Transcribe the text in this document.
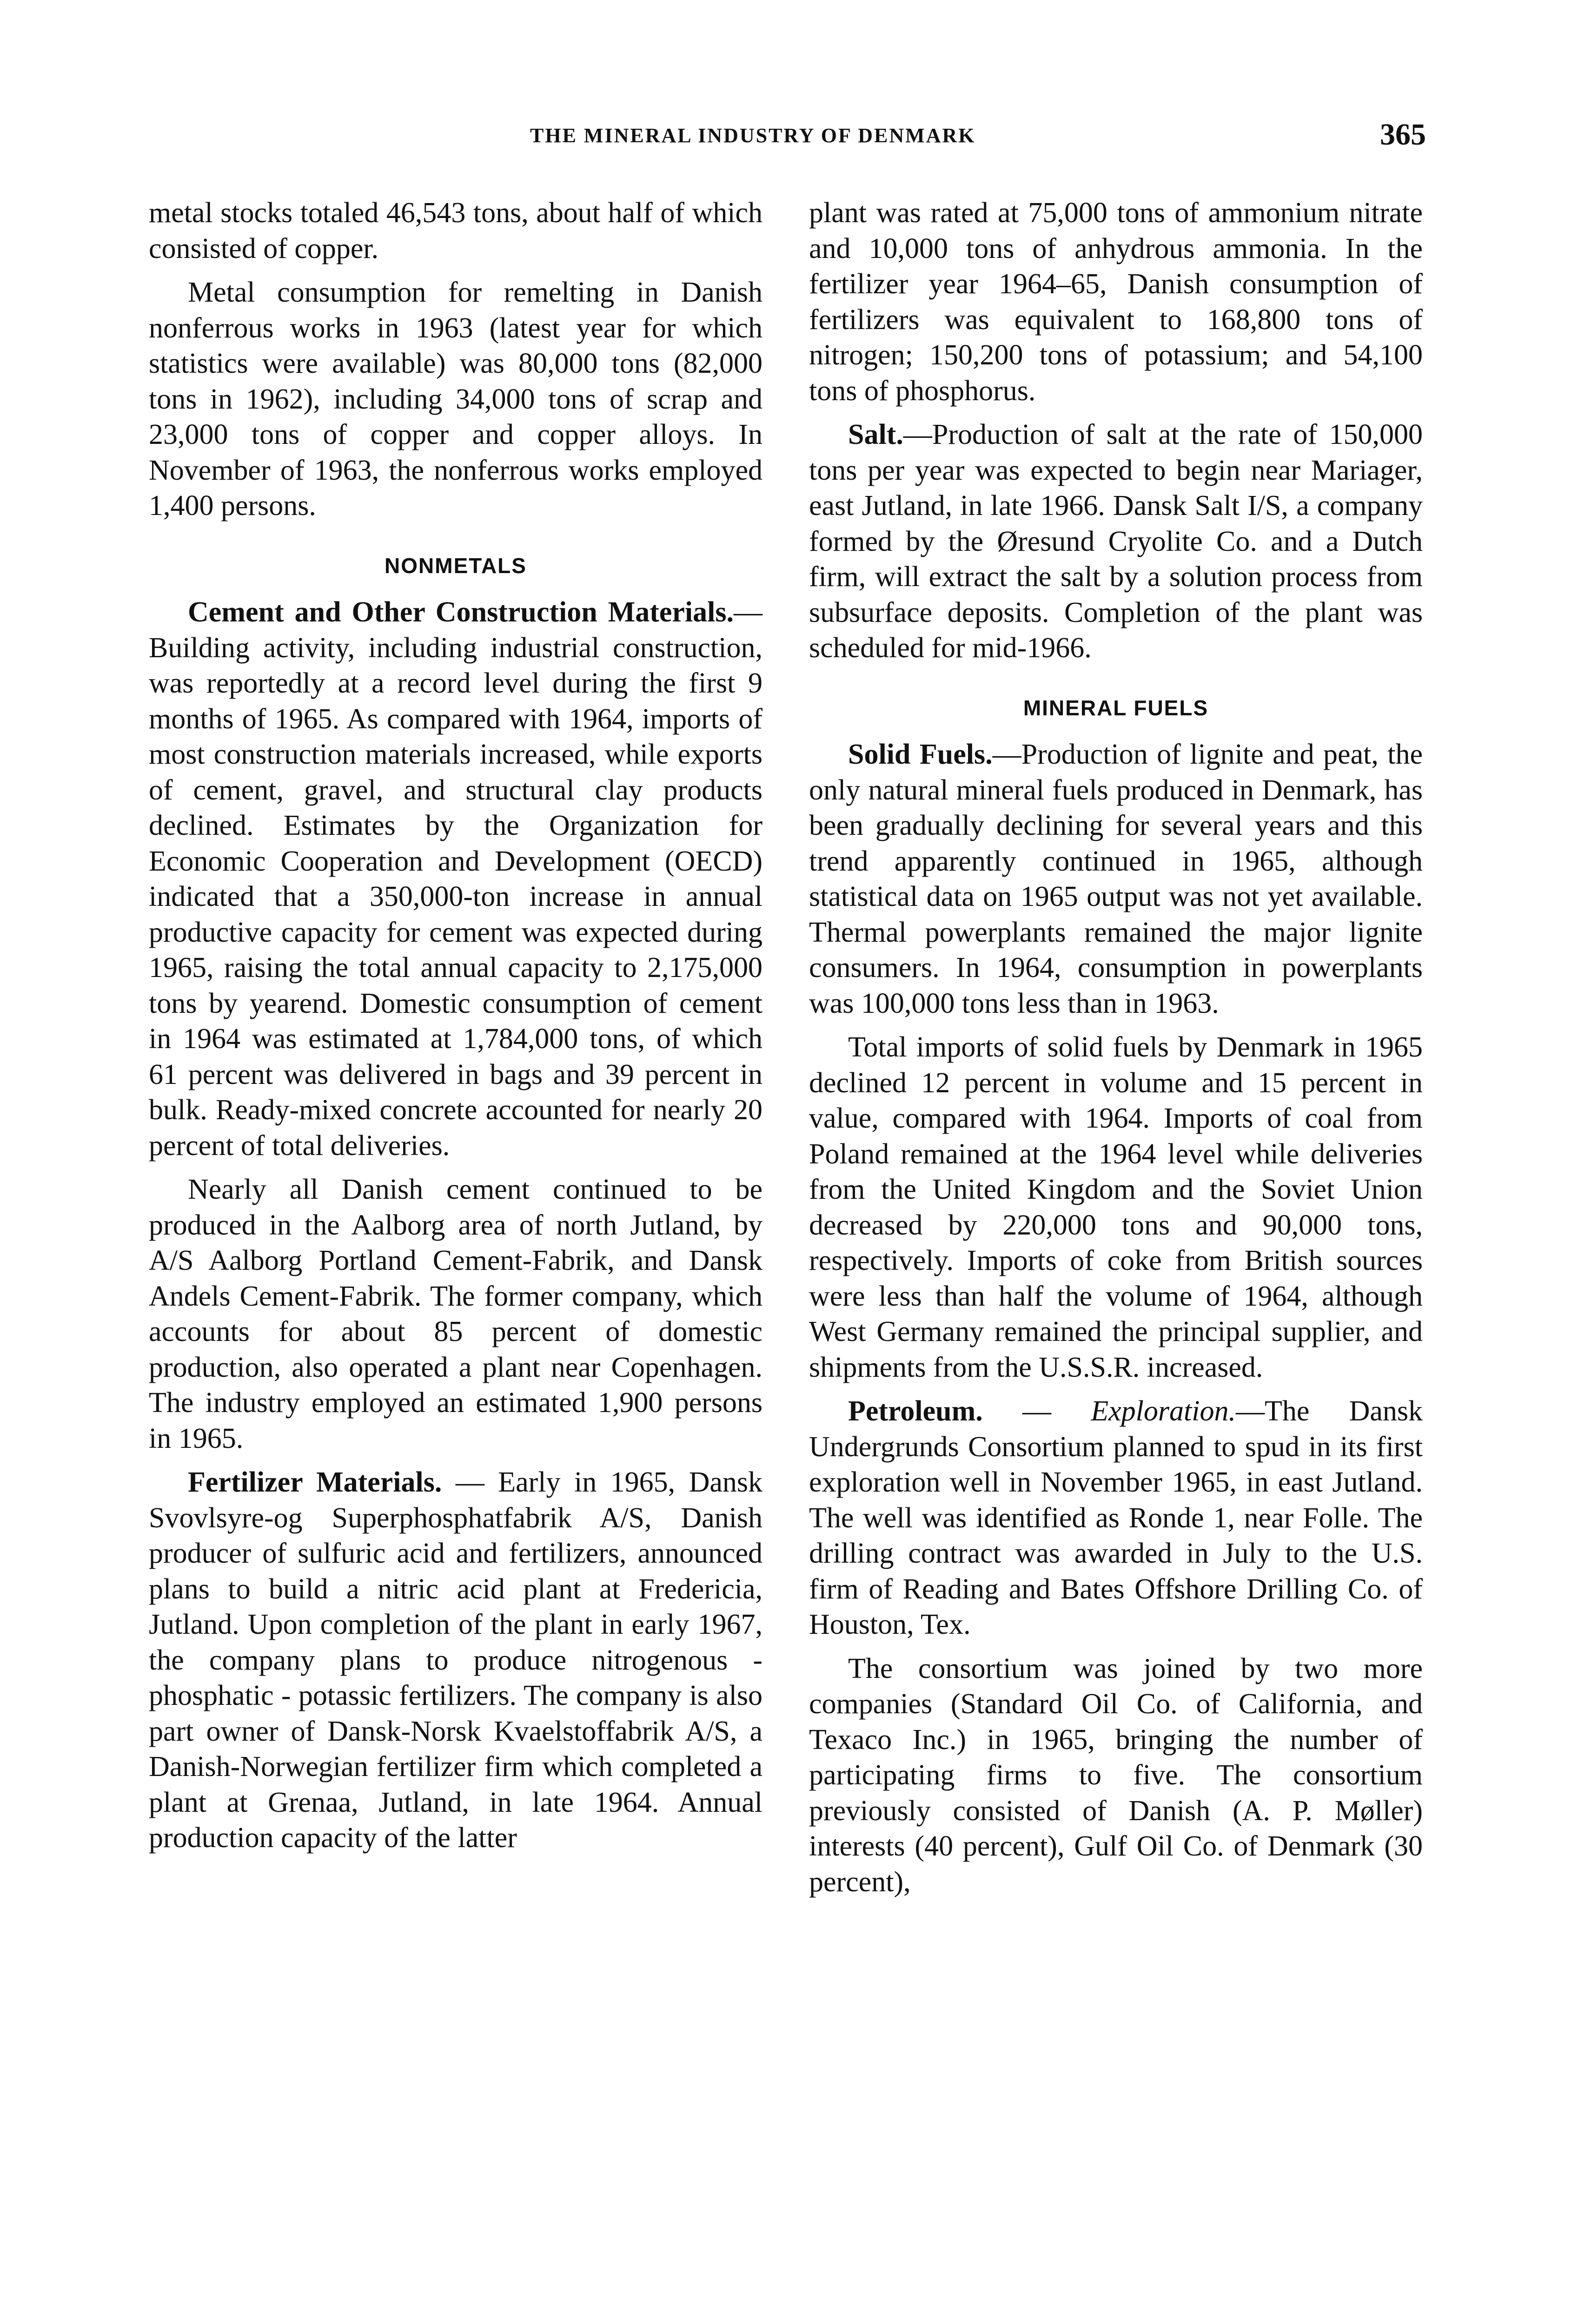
THE MINERAL INDUSTRY OF DENMARK	365

metal stocks totaled 46,543 tons, about half of which consisted of copper.

Metal consumption for remelting in Danish nonferrous works in 1963 (latest year for which statistics were available) was 80,000 tons (82,000 tons in 1962), including 34,000 tons of scrap and 23,000 tons of copper and copper alloys. In November of 1963, the nonferrous works employed 1,400 persons.

NONMETALS

Cement and Other Construction Materials.—Building activity, including industrial construction, was reportedly at a record level during the first 9 months of 1965. As compared with 1964, imports of most construction materials increased, while exports of cement, gravel, and structural clay products declined. Estimates by the Organization for Economic Cooperation and Development (OECD) indicated that a 350,000-ton increase in annual productive capacity for cement was expected during 1965, raising the total annual capacity to 2,175,000 tons by yearend. Domestic consumption of cement in 1964 was estimated at 1,784,000 tons, of which 61 percent was delivered in bags and 39 percent in bulk. Ready-mixed concrete accounted for nearly 20 percent of total deliveries.

Nearly all Danish cement continued to be produced in the Aalborg area of north Jutland, by A/S Aalborg Portland Cement-Fabrik, and Dansk Andels Cement-Fabrik. The former company, which accounts for about 85 percent of domestic production, also operated a plant near Copenhagen. The industry employed an estimated 1,900 persons in 1965.

Fertilizer Materials. — Early in 1965, Dansk Svovlsyre-og Superphosphatfabrik A/S, Danish producer of sulfuric acid and fertilizers, announced plans to build a nitric acid plant at Fredericia, Jutland. Upon completion of the plant in early 1967, the company plans to produce nitrogenous - phosphatic - potassic fertilizers. The company is also part owner of Dansk-Norsk Kvaelstoffabrik A/S, a Danish-Norwegian fertilizer firm which completed a plant at Grenaa, Jutland, in late 1964. Annual production capacity of the latter

plant was rated at 75,000 tons of ammonium nitrate and 10,000 tons of anhydrous ammonia. In the fertilizer year 1964–65, Danish consumption of fertilizers was equivalent to 168,800 tons of nitrogen; 150,200 tons of potassium; and 54,100 tons of phosphorus.

Salt.—Production of salt at the rate of 150,000 tons per year was expected to begin near Mariager, east Jutland, in late 1966. Dansk Salt I/S, a company formed by the Øresund Cryolite Co. and a Dutch firm, will extract the salt by a solution process from subsurface deposits. Completion of the plant was scheduled for mid-1966.

MINERAL FUELS

Solid Fuels.—Production of lignite and peat, the only natural mineral fuels produced in Denmark, has been gradually declining for several years and this trend apparently continued in 1965, although statistical data on 1965 output was not yet available. Thermal powerplants remained the major lignite consumers. In 1964, consumption in powerplants was 100,000 tons less than in 1963.

Total imports of solid fuels by Denmark in 1965 declined 12 percent in volume and 15 percent in value, compared with 1964. Imports of coal from Poland remained at the 1964 level while deliveries from the United Kingdom and the Soviet Union decreased by 220,000 tons and 90,000 tons, respectively. Imports of coke from British sources were less than half the volume of 1964, although West Germany remained the principal supplier, and shipments from the U.S.S.R. increased.

Petroleum. — Exploration.—The Dansk Undergrunds Consortium planned to spud in its first exploration well in November 1965, in east Jutland. The well was identified as Ronde 1, near Folle. The drilling contract was awarded in July to the U.S. firm of Reading and Bates Offshore Drilling Co. of Houston, Tex.

The consortium was joined by two more companies (Standard Oil Co. of California, and Texaco Inc.) in 1965, bringing the number of participating firms to five. The consortium previously consisted of Danish (A. P. Møller) interests (40 percent), Gulf Oil Co. of Denmark (30 percent),
